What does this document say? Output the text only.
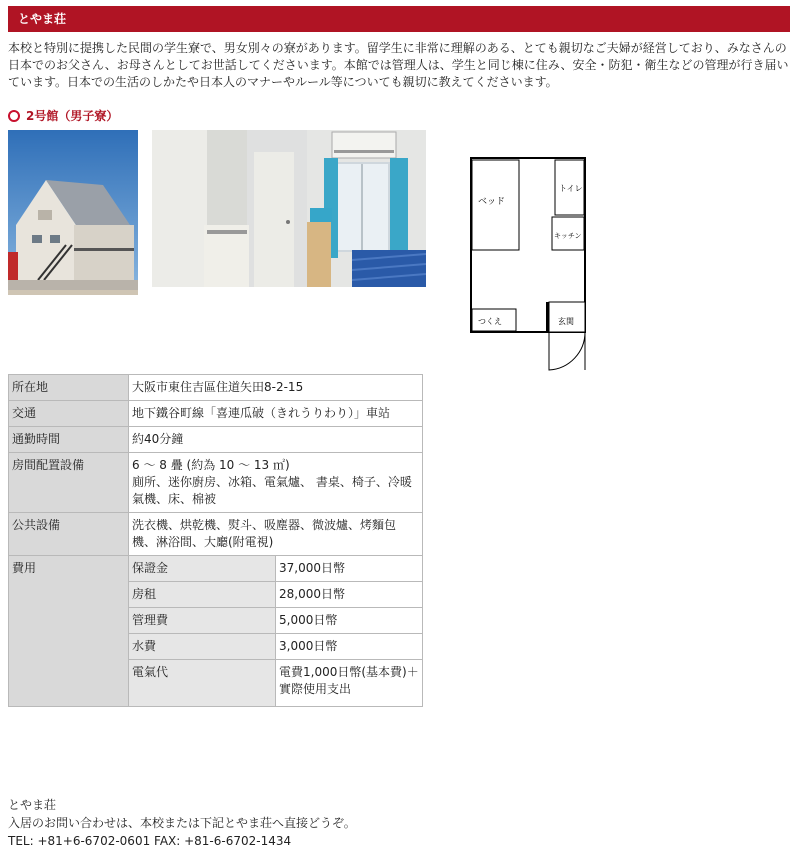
とやま荘
本校と特別に提携した民間の学生寮で、男女別々の寮があります。留学生に非常に理解のある、とても親切なご夫婦が経営しており、みなさんの日本でのお父さん、お母さんとしてお世話してくださいます。本館では管理人は、学生と同じ棟に住み、安全・防犯・衛生などの管理が行き届いています。日本での生活のしかたや日本人のマナーやルール等についても親切に教えてくださいます。
2号館（男子寮）
ベッド
トイレ
キッチン
つくえ	玄関
所在地	大阪市東住吉區住道矢田8-2-15	
交通	地下鐵谷町線「喜連瓜破（きれうりわり）」車站	
通勤時間	約40分鐘	
房間配置設備	6 ～ 8 疊 (約為 10 ～ 13 ㎡)
廁所、迷你廚房、冰箱、電氣爐、 書桌、椅子、冷暖氣機、床、棉被	

公共設備	洗衣機、烘乾機、熨斗、吸塵器、微波爐、烤麵包機、淋浴間、大廳(附電視)	
費用	保證金	37,000日幣
	房租	28,000日幣
	管理費	5,000日幣
	水費	3,000日幣
	電氣代	電費1,000日幣(基本費)＋實際使用支出
とやま荘
入居のお問い合わせは、本校または下記とやま荘へ直接どうぞ。
TEL: +81+6-6702-0601 FAX: +81-6-6702-1434
